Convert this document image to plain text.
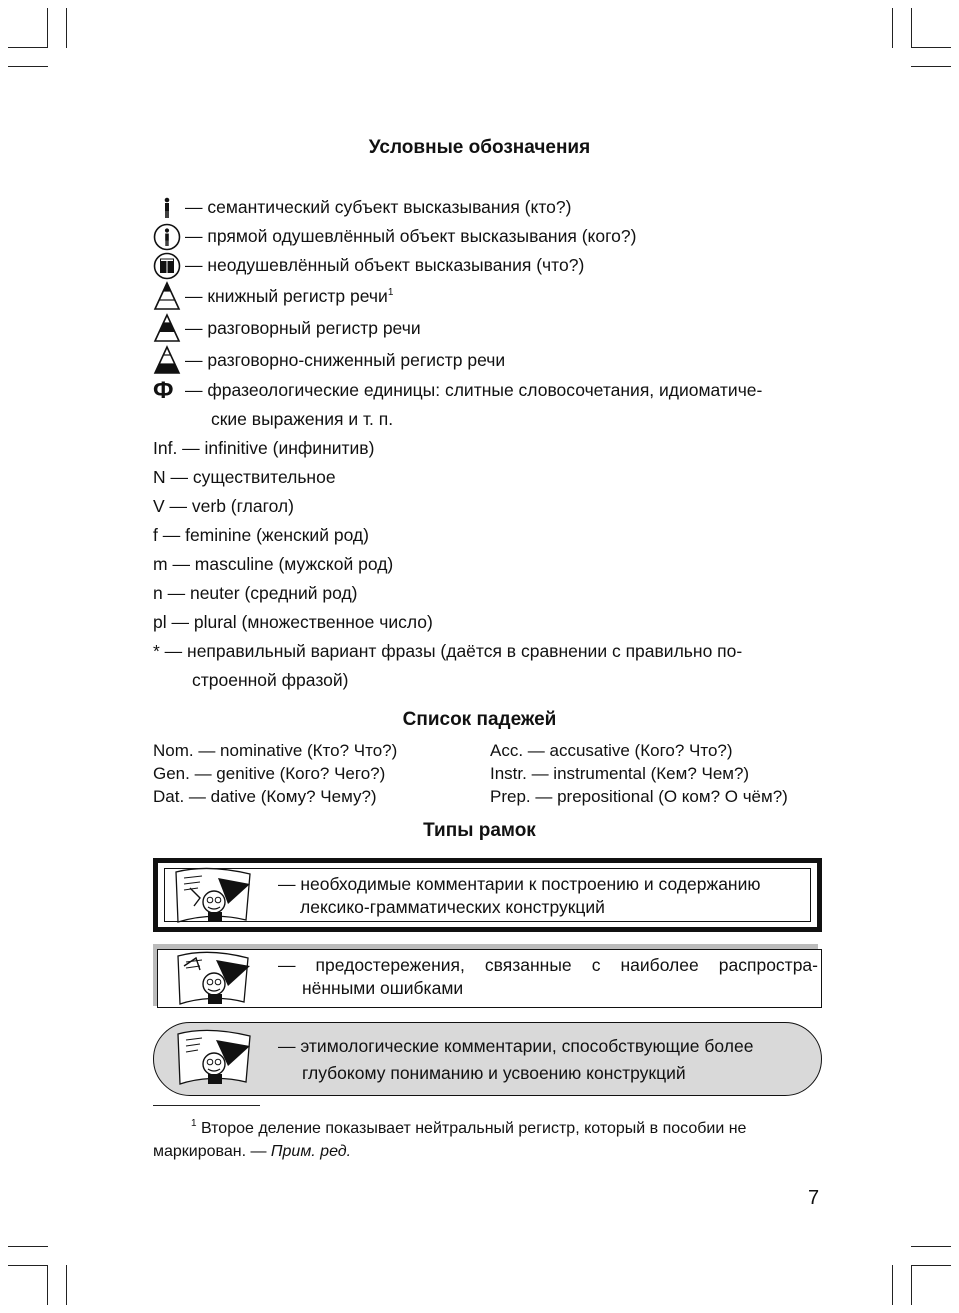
Условные обозначения
— семантический субъект высказывания (кто?)
— прямой одушевлённый объект высказывания (кого?)
— неодушевлённый объект высказывания (что?)
— книжный регистр речи$^1$
— разговорный регистр речи
— разговорно-сниженный регистр речи
Ф — фразеологические единицы: слитные словосочетания, идиоматиче-
ские выражения и т. п.
Inf. — infinitive (инфинитив)
N — существительное
V — verb (глагол)
f — feminine (женский род)
m — masculine (мужской род)
n — neuter (средний род)
pl — plural (множественное число)
* — неправильный вариант фразы (даётся в сравнении с правильно по-
строенной фразой)
Список падежей
Nom. — nominative (Кто? Что?)	Acc. — accusative (Кого? Что?)
Gen. — genitive (Кого? Чего?)	Instr. — instrumental (Кем? Чем?)
Dat. — dative (Кому? Чему?)	Prep. — prepositional (О ком? О чём?)
Типы рамок
— необходимые комментарии к построению и содержанию
лексико-грамматических конструкций
— предостережения, связанные с наиболее распростра-
нёнными ошибками
— этимологические комментарии, способствующие более
глубокому пониманию и усвоению конструкций
$^1$ Второе деление показывает нейтральный регистр, который в пособии не
маркирован. — Прим. ред.
7
